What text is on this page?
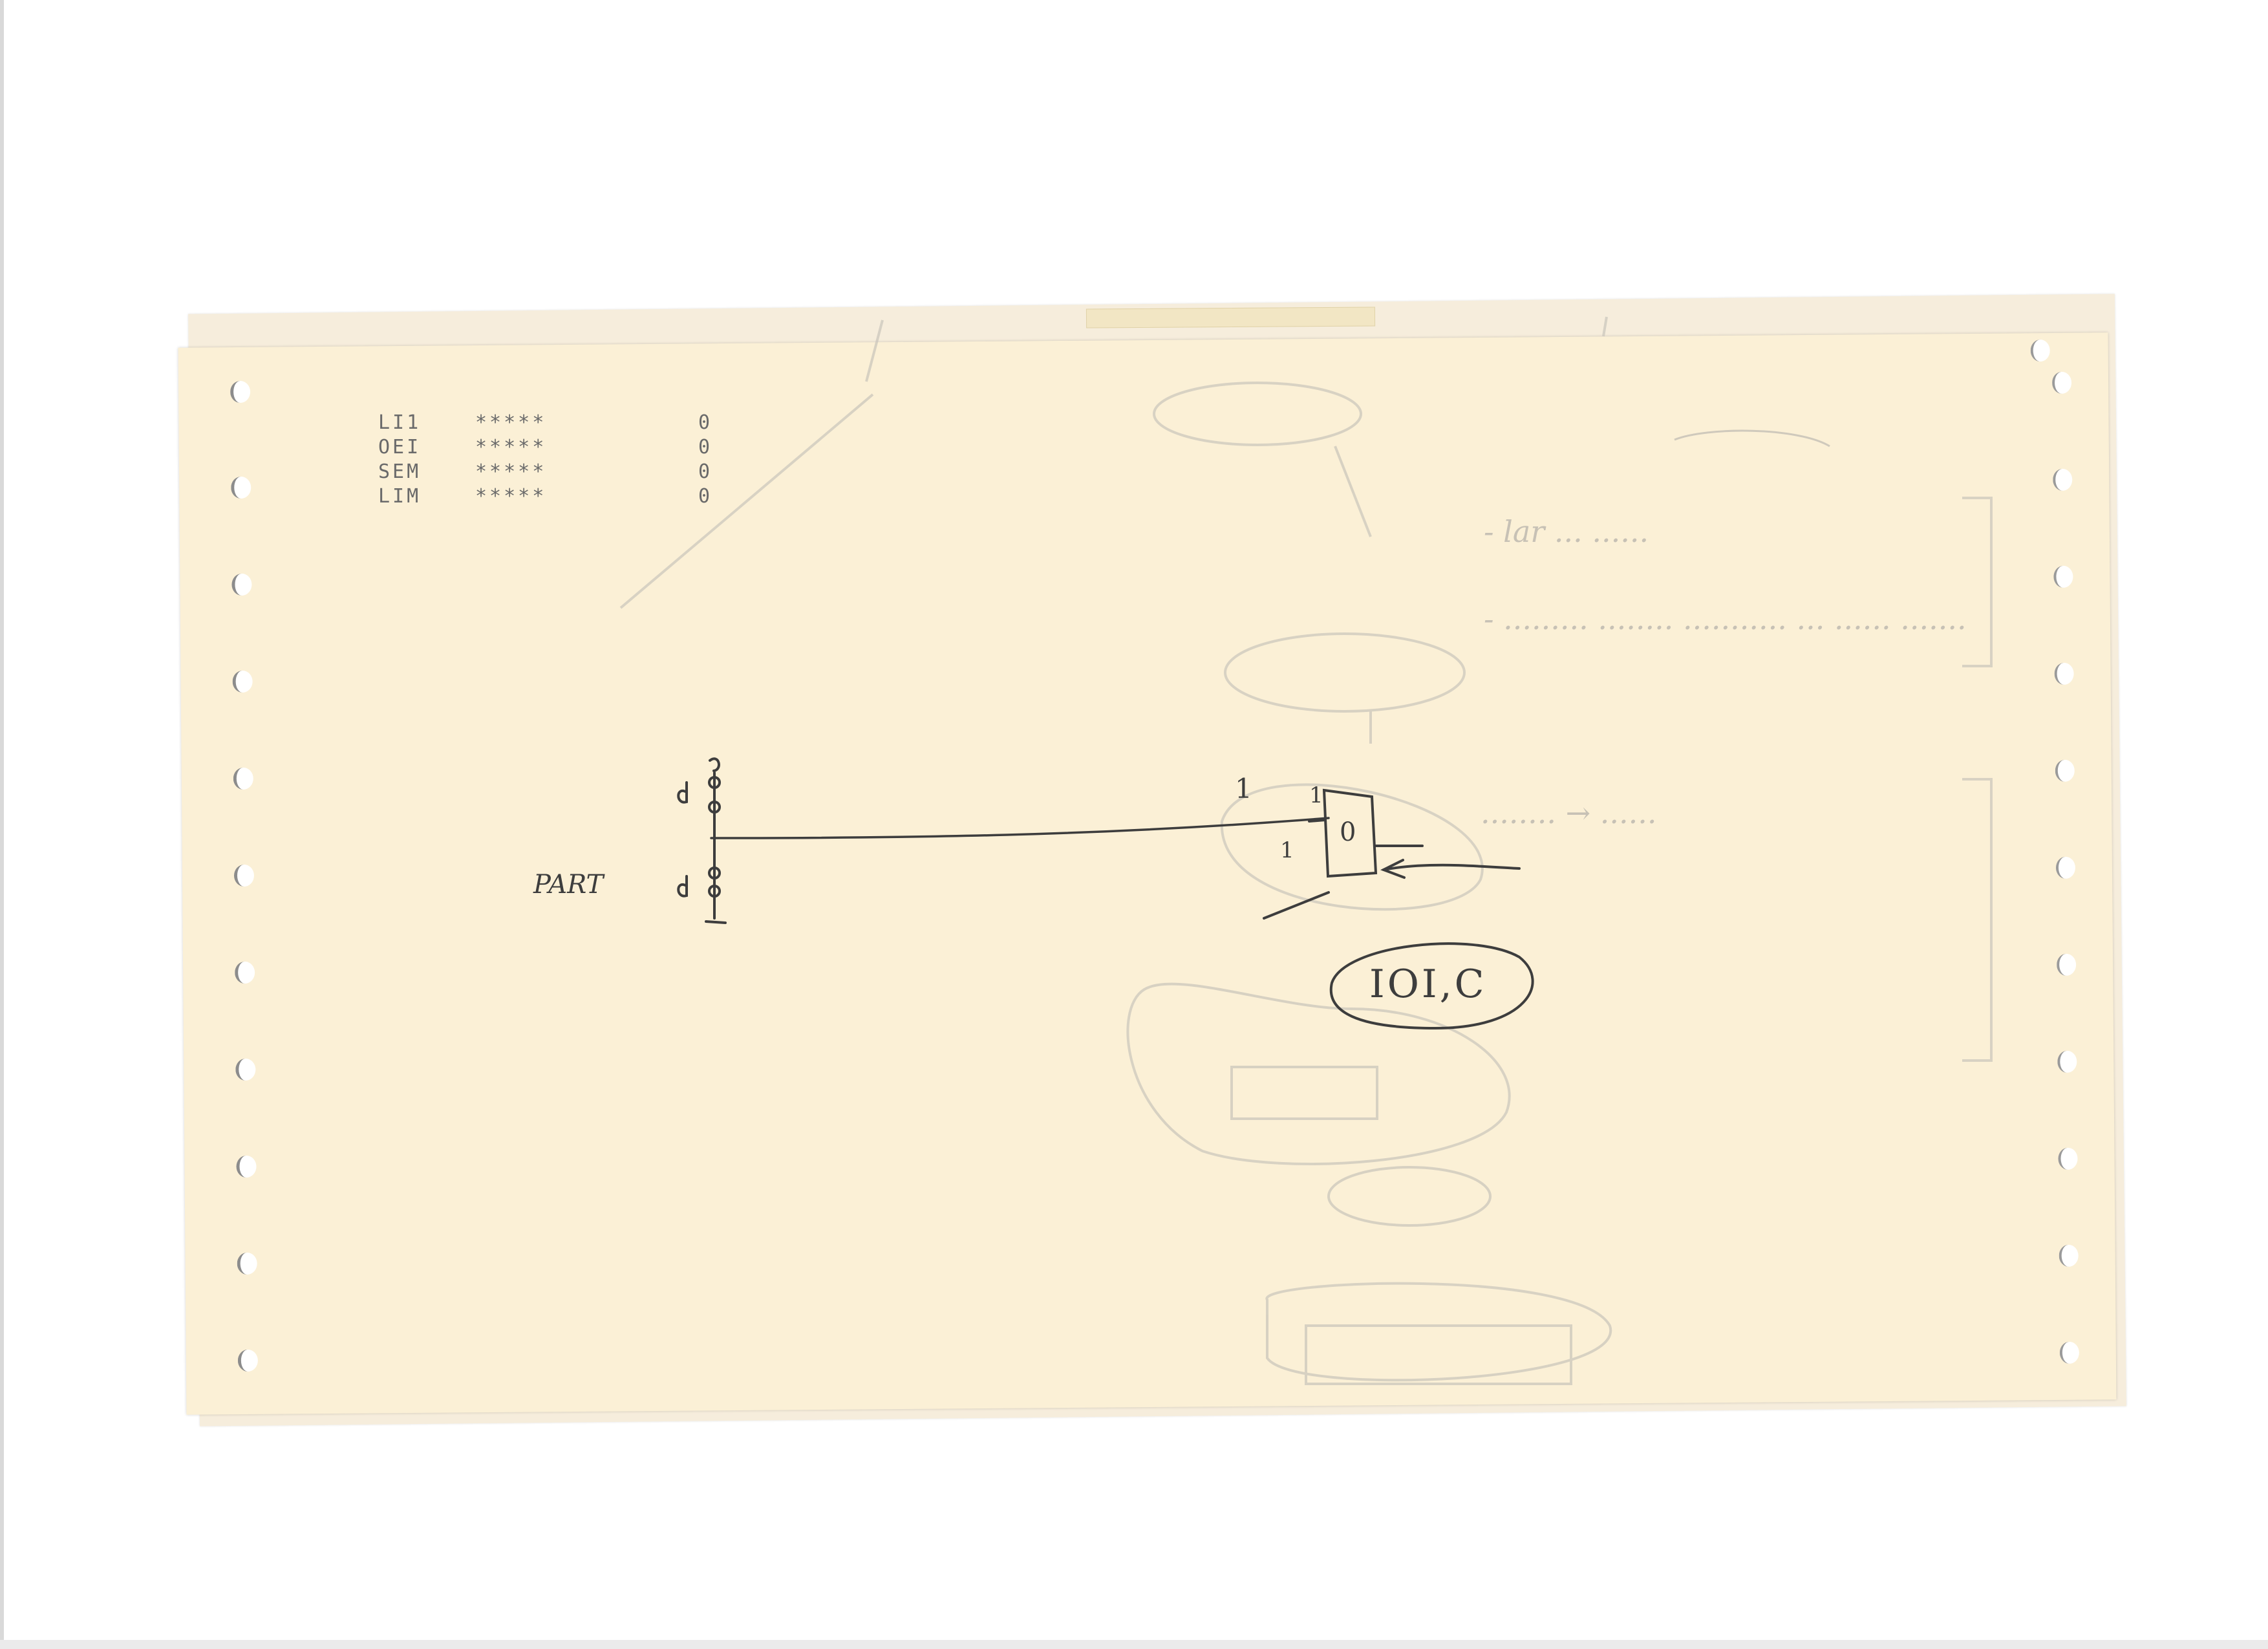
- lar ... ......
- ......... ........ ........... ... ...... .......
........ → ......
LI1	*****	0
OEI	*****	0
SEM	*****	0
LIM	*****	0
PART
1
0
1
1
IOI,C
